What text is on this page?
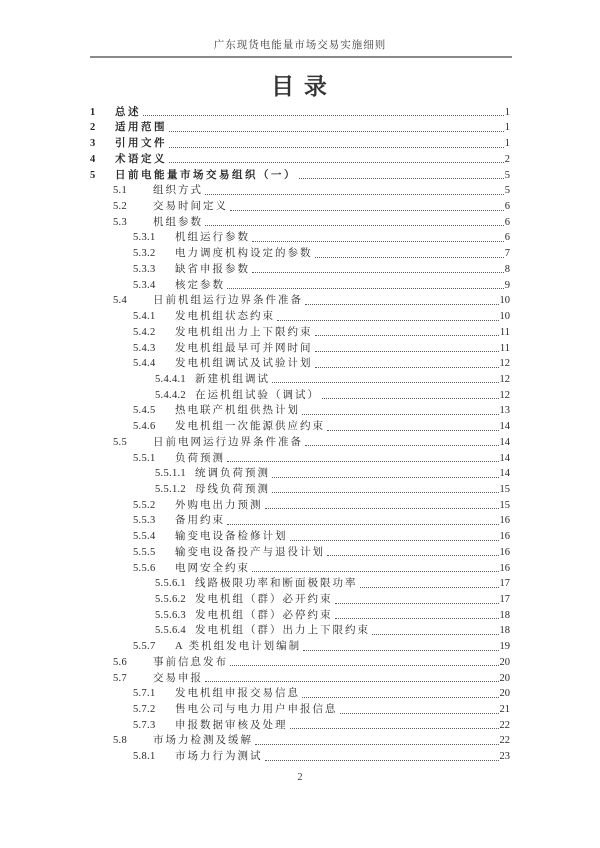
广东现货电能量市场交易实施细则
目 录
1	总述	1
2	适用范围	1
3	引用文件	1
4	术语定义	2
5	日前电能量市场交易组织（一）	5
5.1	组织方式	5
5.2	交易时间定义	6
5.3	机组参数	6
5.3.1	机组运行参数	6
5.3.2	电力调度机构设定的参数	7
5.3.3	缺省申报参数	8
5.3.4	核定参数	9
5.4	日前机组运行边界条件准备	10
5.4.1	发电机组状态约束	10
5.4.2	发电机组出力上下限约束	11
5.4.3	发电机组最早可并网时间	11
5.4.4	发电机组调试及试验计划	12
5.4.4.1 新建机组调试	12
5.4.4.2 在运机组试验（调试）	12
5.4.5	热电联产机组供热计划	13
5.4.6	发电机组一次能源供应约束	14
5.5	日前电网运行边界条件准备	14
5.5.1	负荷预测	14
5.5.1.1 统调负荷预测	14
5.5.1.2 母线负荷预测	15
5.5.2	外购电出力预测	15
5.5.3	备用约束	16
5.5.4	输变电设备检修计划	16
5.5.5	输变电设备投产与退役计划	16
5.5.6	电网安全约束	16
5.5.6.1 线路极限功率和断面极限功率	17
5.5.6.2 发电机组（群）必开约束	17
5.5.6.3 发电机组（群）必停约束	18
5.5.6.4 发电机组（群）出力上下限约束	18
5.5.7	A 类机组发电计划编制	19
5.6	事前信息发布	20
5.7	交易申报	20
5.7.1	发电机组申报交易信息	20
5.7.2	售电公司与电力用户申报信息	21
5.7.3	申报数据审核及处理	22
5.8	市场力检测及缓解	22
5.8.1	市场力行为测试	23
2
